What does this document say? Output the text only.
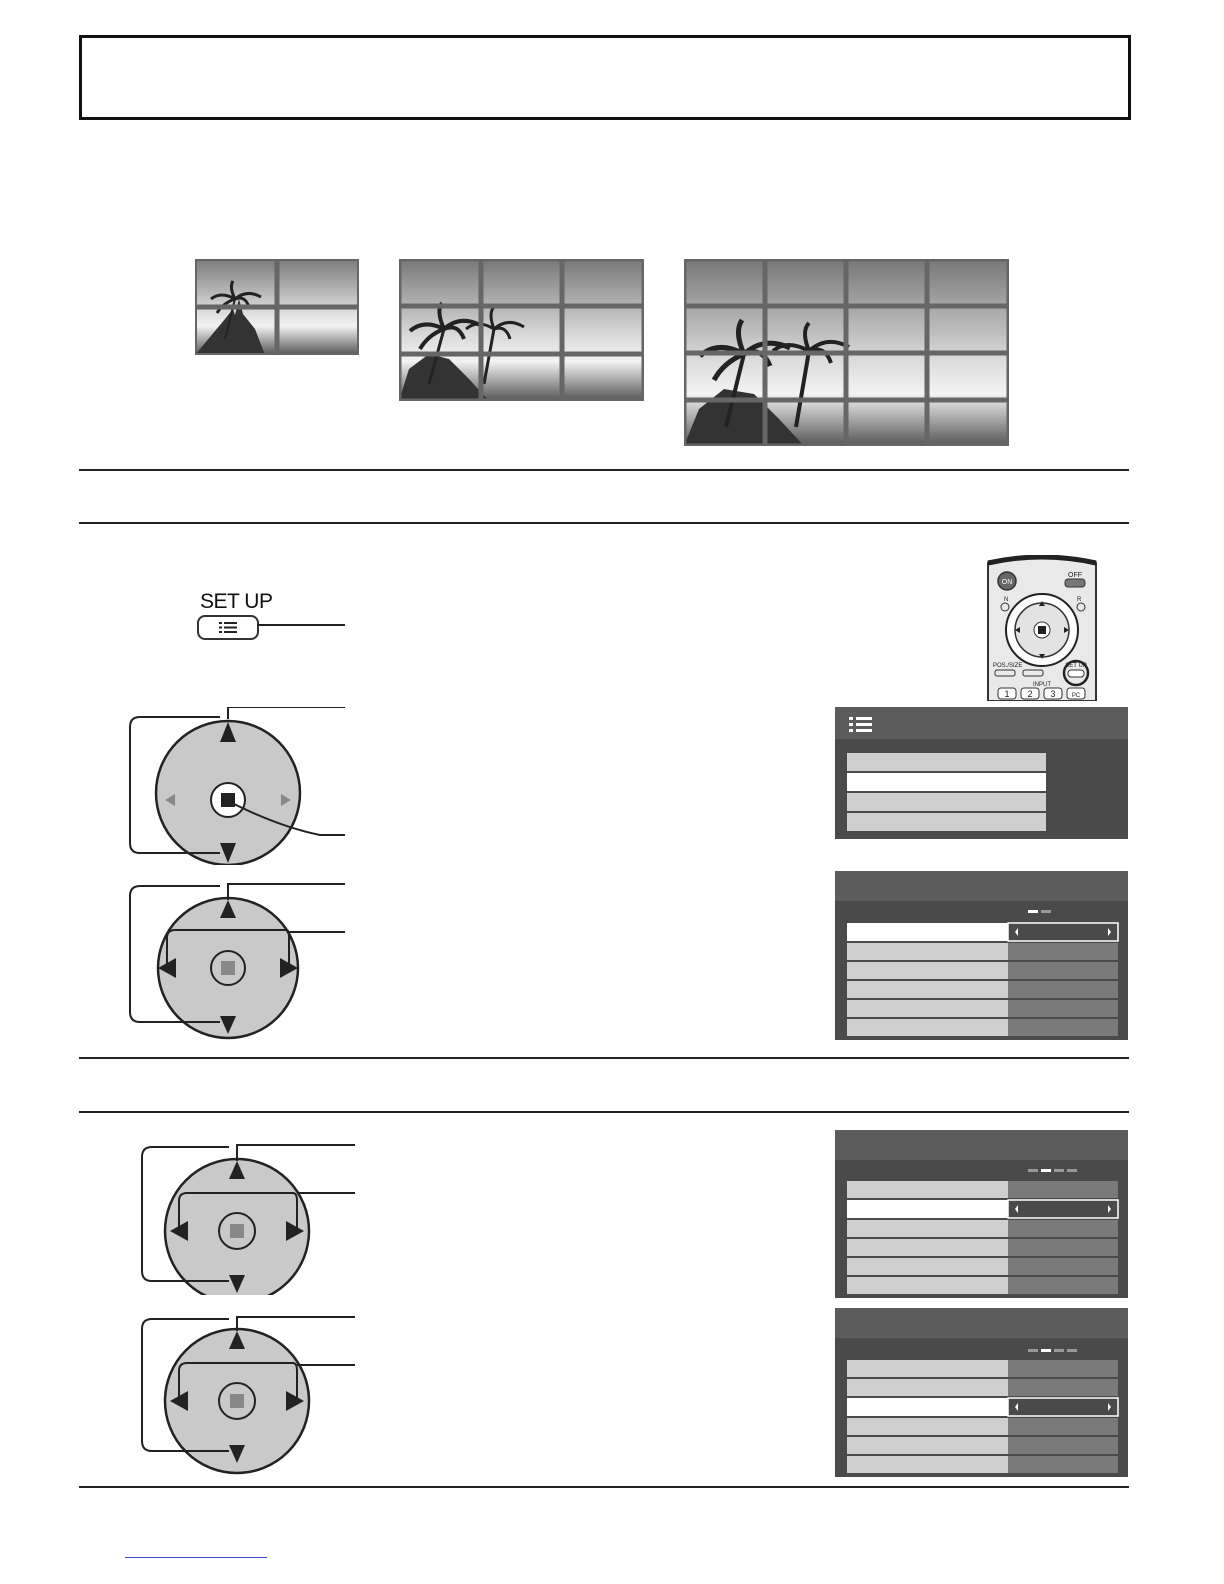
SET UP
ON
OFF
N	R
POS./SIZE	SET UP
INPUT
1 2 3	PC
